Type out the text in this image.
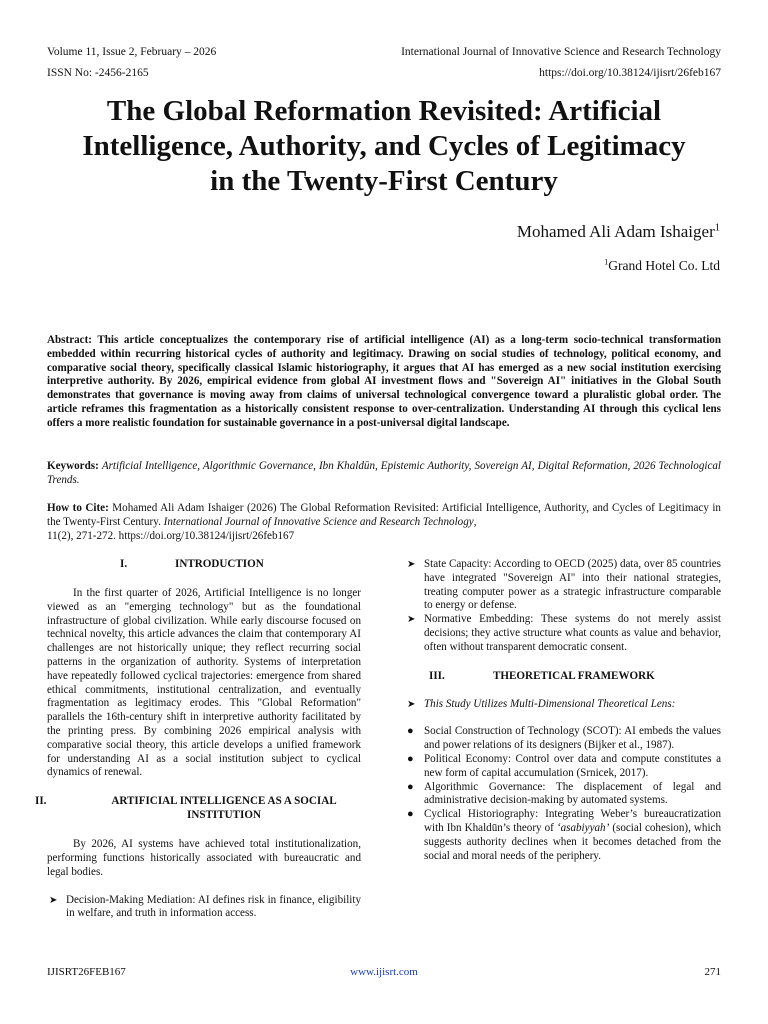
Volume 11, Issue 2, February – 2026	International Journal of Innovative Science and Research Technology
ISSN No: -2456-2165	https://doi.org/10.38124/ijisrt/26feb167
The Global Reformation Revisited: Artificial
Intelligence, Authority, and Cycles of Legitimacy
in the Twenty-First Century
Mohamed Ali Adam Ishaiger$^1$
$^1$Grand Hotel Co. Ltd
Abstract: This article conceptualizes the contemporary rise of artificial intelligence (AI) as a long-term socio-technical transformation embedded within recurring historical cycles of authority and legitimacy. Drawing on social studies of technology, political economy, and comparative social theory, specifically classical Islamic historiography, it argues that AI has emerged as a new social institution exercising interpretive authority. By 2026, empirical evidence from global AI investment flows and "Sovereign AI" initiatives in the Global South demonstrates that governance is moving away from claims of universal technological convergence toward a pluralistic global order. The article reframes this fragmentation as a historically consistent response to over-centralization. Understanding AI through this cyclical lens offers a more realistic foundation for sustainable governance in a post-universal digital landscape.
Keywords: Artificial Intelligence, Algorithmic Governance, Ibn Khaldūn, Epistemic Authority, Sovereign AI, Digital Reformation, 2026 Technological Trends.
How to Cite: Mohamed Ali Adam Ishaiger (2026) The Global Reformation Revisited: Artificial Intelligence, Authority, and Cycles of Legitimacy in the Twenty-First Century. International Journal of Innovative Science and Research Technology,
11(2), 271-272. https://doi.org/10.38124/ijisrt/26feb167
I.	INTRODUCTION

In the first quarter of 2026, Artificial Intelligence is no longer viewed as an "emerging technology" but as the foundational infrastructure of global civilization. While early discourse focused on technical novelty, this article advances the claim that contemporary AI challenges are not historically unique; they reflect recurring social patterns in the organization of authority. Systems of interpretation have repeatedly followed cyclical trajectories: emergence from shared ethical commitments, institutional centralization, and eventually fragmentation as legitimacy erodes. This "Global Reformation" parallels the 16th-century shift in interpretive authority facilitated by the printing press. By combining 2026 empirical analysis with comparative social theory, this article develops a unified framework for understanding AI as a social institution subject to cyclical dynamics of renewal.

II.	ARTIFICIAL INTELLIGENCE AS A SOCIAL
INSTITUTION

By 2026, AI systems have achieved total institutionalization, performing functions historically associated with bureaucratic and legal bodies.

➤ Decision-Making Mediation: AI defines risk in finance, eligibility in welfare, and truth in information access.
➤ State Capacity: According to OECD (2025) data, over 85 countries have integrated "Sovereign AI" into their national strategies, treating computer power as a strategic infrastructure comparable to energy or defense.
➤ Normative Embedding: These systems do not merely assist decisions; they active structure what counts as value and behavior, often without transparent democratic consent.
III.	THEORETICAL FRAMEWORK
➤ This Study Utilizes Multi-Dimensional Theoretical Lens:
● Social Construction of Technology (SCOT): AI embeds the values and power relations of its designers (Bijker et al., 1987).
● Political Economy: Control over data and compute constitutes a new form of capital accumulation (Srnicek, 2017).
● Algorithmic Governance: The displacement of legal and administrative decision-making by automated systems.
● Cyclical Historiography: Integrating Weber’s bureaucratization with Ibn Khaldūn’s theory of ‘asabiyyah’ (social cohesion), which suggests authority declines when it becomes detached from the social and moral needs of the periphery.
IJISRT26FEB167	www.ijisrt.com	271
